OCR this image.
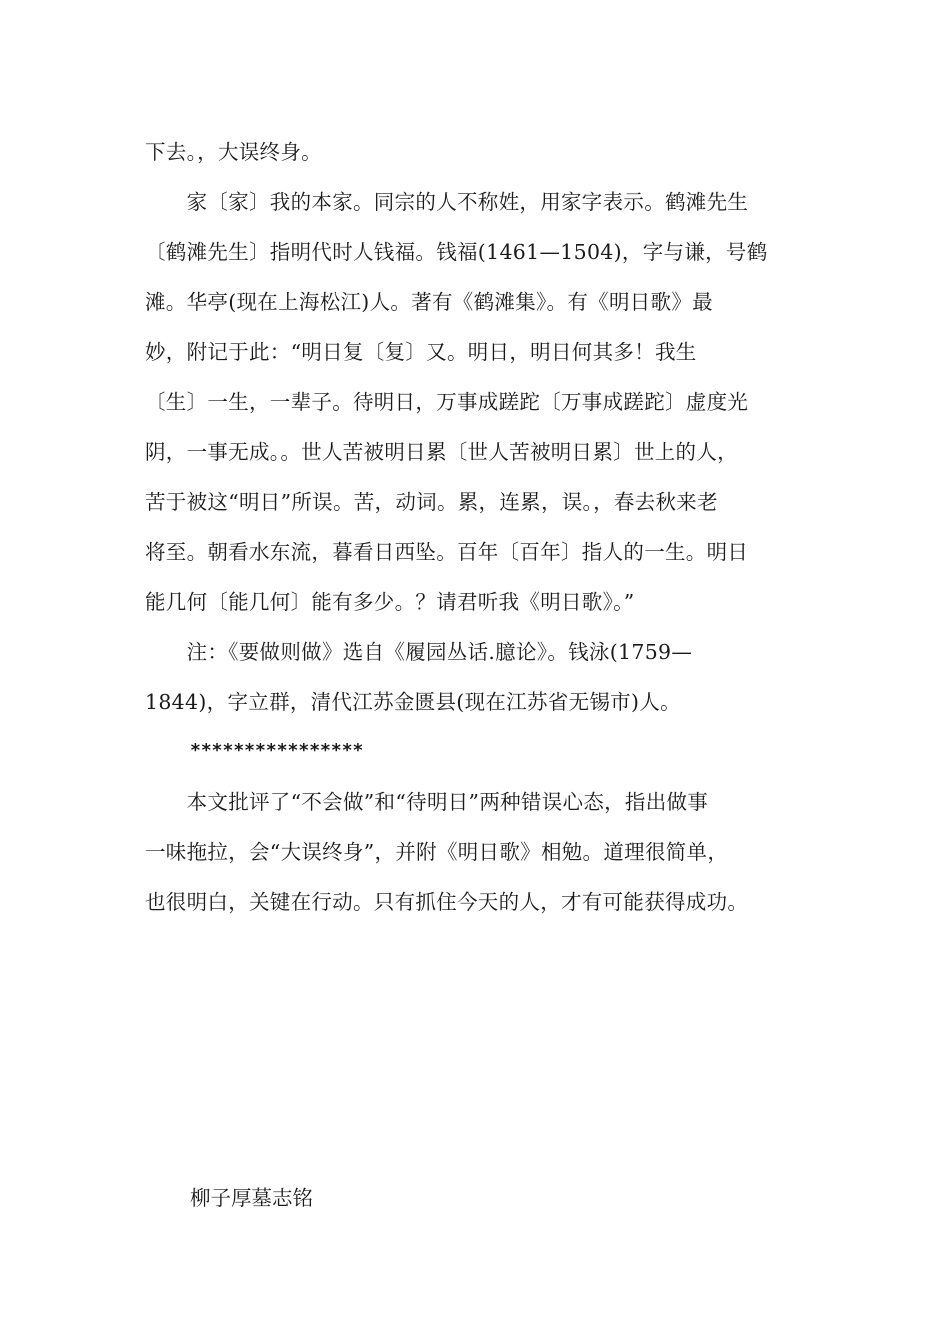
下去。，大误终身。
　　家〔家〕我的本家。同宗的人不称姓，用家字表示。鹤滩先生
〔鹤滩先生〕指明代时人钱福。钱福(1461—1504)，字与谦，号鹤
滩。华亭(现在上海松江)人。著有《鹤滩集》。有《明日歌》最
妙，附记于此：“明日复〔复〕又。明日，明日何其多！我生
〔生〕一生，一辈子。待明日，万事成蹉跎〔万事成蹉跎〕虚度光
阴，一事无成。。世人苦被明日累〔世人苦被明日累〕世上的人，
苦于被这“明日”所误。苦，动词。累，连累，误。，春去秋来老
将至。朝看水东流，暮看日西坠。百年〔百年〕指人的一生。明日
能几何〔能几何〕能有多少。？请君听我《明日歌》。”
　　注：《要做则做》选自《履园丛话.臆论》。钱泳(1759—
1844)，字立群，清代江苏金匮县(现在江苏省无锡市)人。
****************
　　本文批评了“不会做”和“待明日”两种错误心态，指出做事
一味拖拉，会“大误终身”，并附《明日歌》相勉。道理很简单，
也很明白，关键在行动。只有抓住今天的人，才有可能获得成功。
柳子厚墓志铭
